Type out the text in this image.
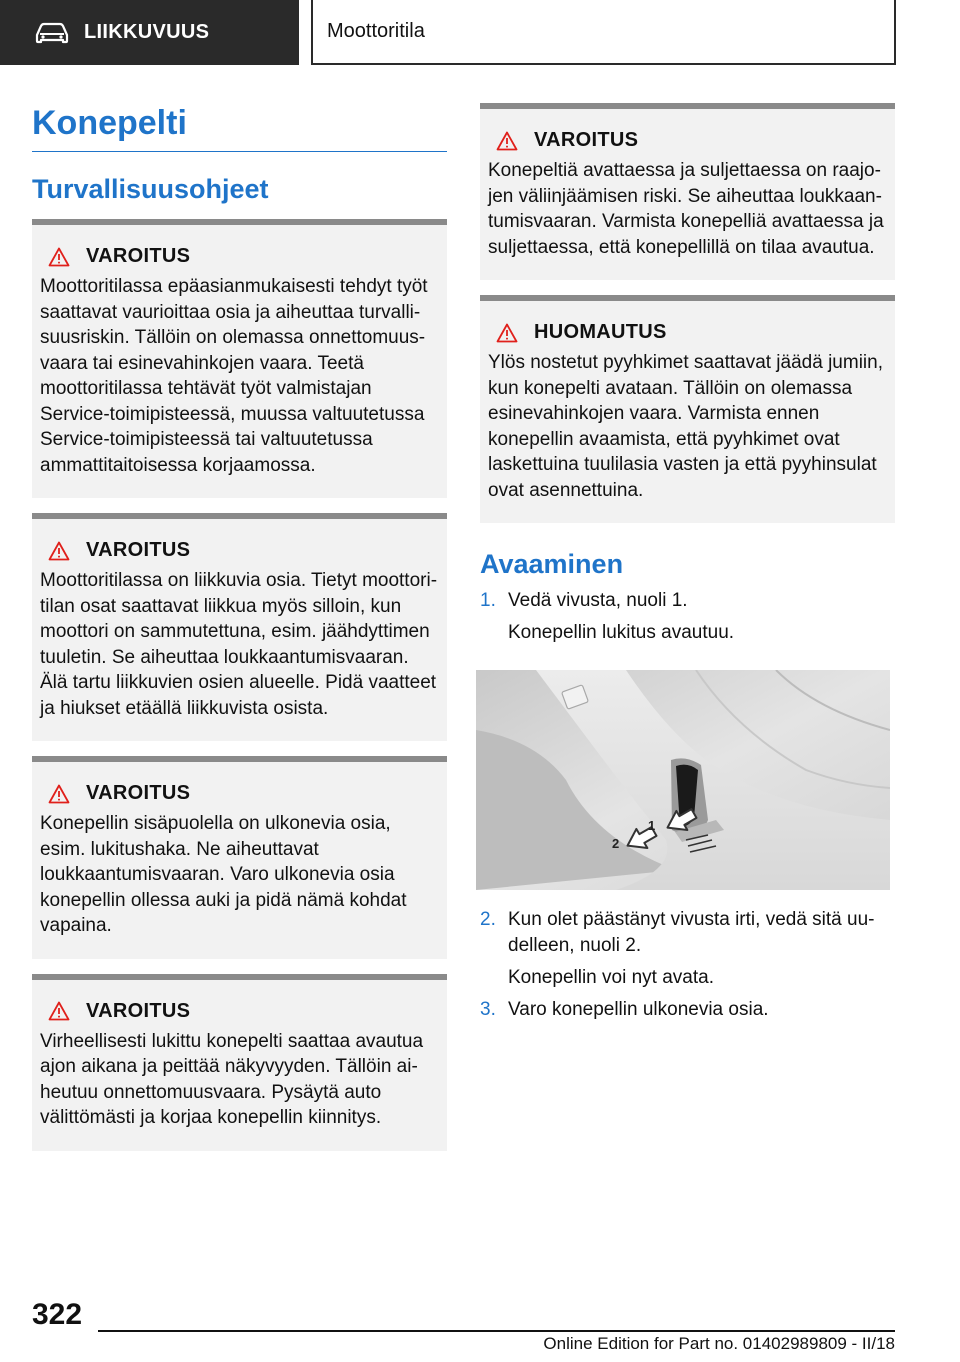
LIIKKUVUUS	Moottoritila
Konepelti
Turvallisuusohjeet
VAROITUS

Moottoritilassa epäasianmukaisesti tehdyt työt saattavat vaurioittaa osia ja aiheuttaa turvallisuusriskin. Tällöin on olemassa onnettomuusvaara tai esinevahinkojen vaara. Teetä moottoritilassa tehtävät työt valmistajan Service-toimipisteessä, muussa valtuutetussa Service-toimipisteessä tai valtuutetussa ammattitaitoisessa korjaamossa.

VAROITUS

Moottoritilassa on liikkuvia osia. Tietyt moottoritilan osat saattavat liikkua myös silloin, kun moottori on sammutettuna, esim. jäähdyttimen tuuletin. Se aiheuttaa loukkaantumisvaaran. Älä tartu liikkuvien osien alueelle. Pidä vaatteet ja hiukset etäällä liikkuvista osista.

VAROITUS

Konepellin sisäpuolella on ulkonevia osia, esim. lukitushaka. Ne aiheuttavat loukkaantumisvaaran. Varo ulkonevia osia konepellin ollessa auki ja pidä nämä kohdat vapaina.

VAROITUS

Virheellisesti lukittu konepelti saattaa avautua ajon aikana ja peittää näkyvyyden. Tällöin aiheutuu onnettomuusvaara. Pysäytä auto välittömästi ja korjaa konepellin kiinnitys.

VAROITUS

Konepeltiä avattaessa ja suljettaessa on raajojen väliinjäämisen riski. Se aiheuttaa loukkaantumisvaaran. Varmista konepelliä avattaessa ja suljettaessa, että konepellillä on tilaa avautua.

HUOMAUTUS

Ylös nostetut pyyhkimet saattavat jäädä jumiin, kun konepelti avataan. Tällöin on olemassa esinevahinkojen vaara. Varmista ennen konepellin avaamista, että pyyhkimet ovat laskettuina tuulilasia vasten ja että pyyhinsulat ovat asennettuina.

Avaaminen
1. Vedä vivusta, nuoli 1.
Konepellin lukitus avautuu.
1
2
2. Kun olet päästänyt vivusta irti, vedä sitä uudelleen, nuoli 2.
Konepellin voi nyt avata.
3. Varo konepellin ulkonevia osia.
322
Online Edition for Part no. 01402989809 - II/18
